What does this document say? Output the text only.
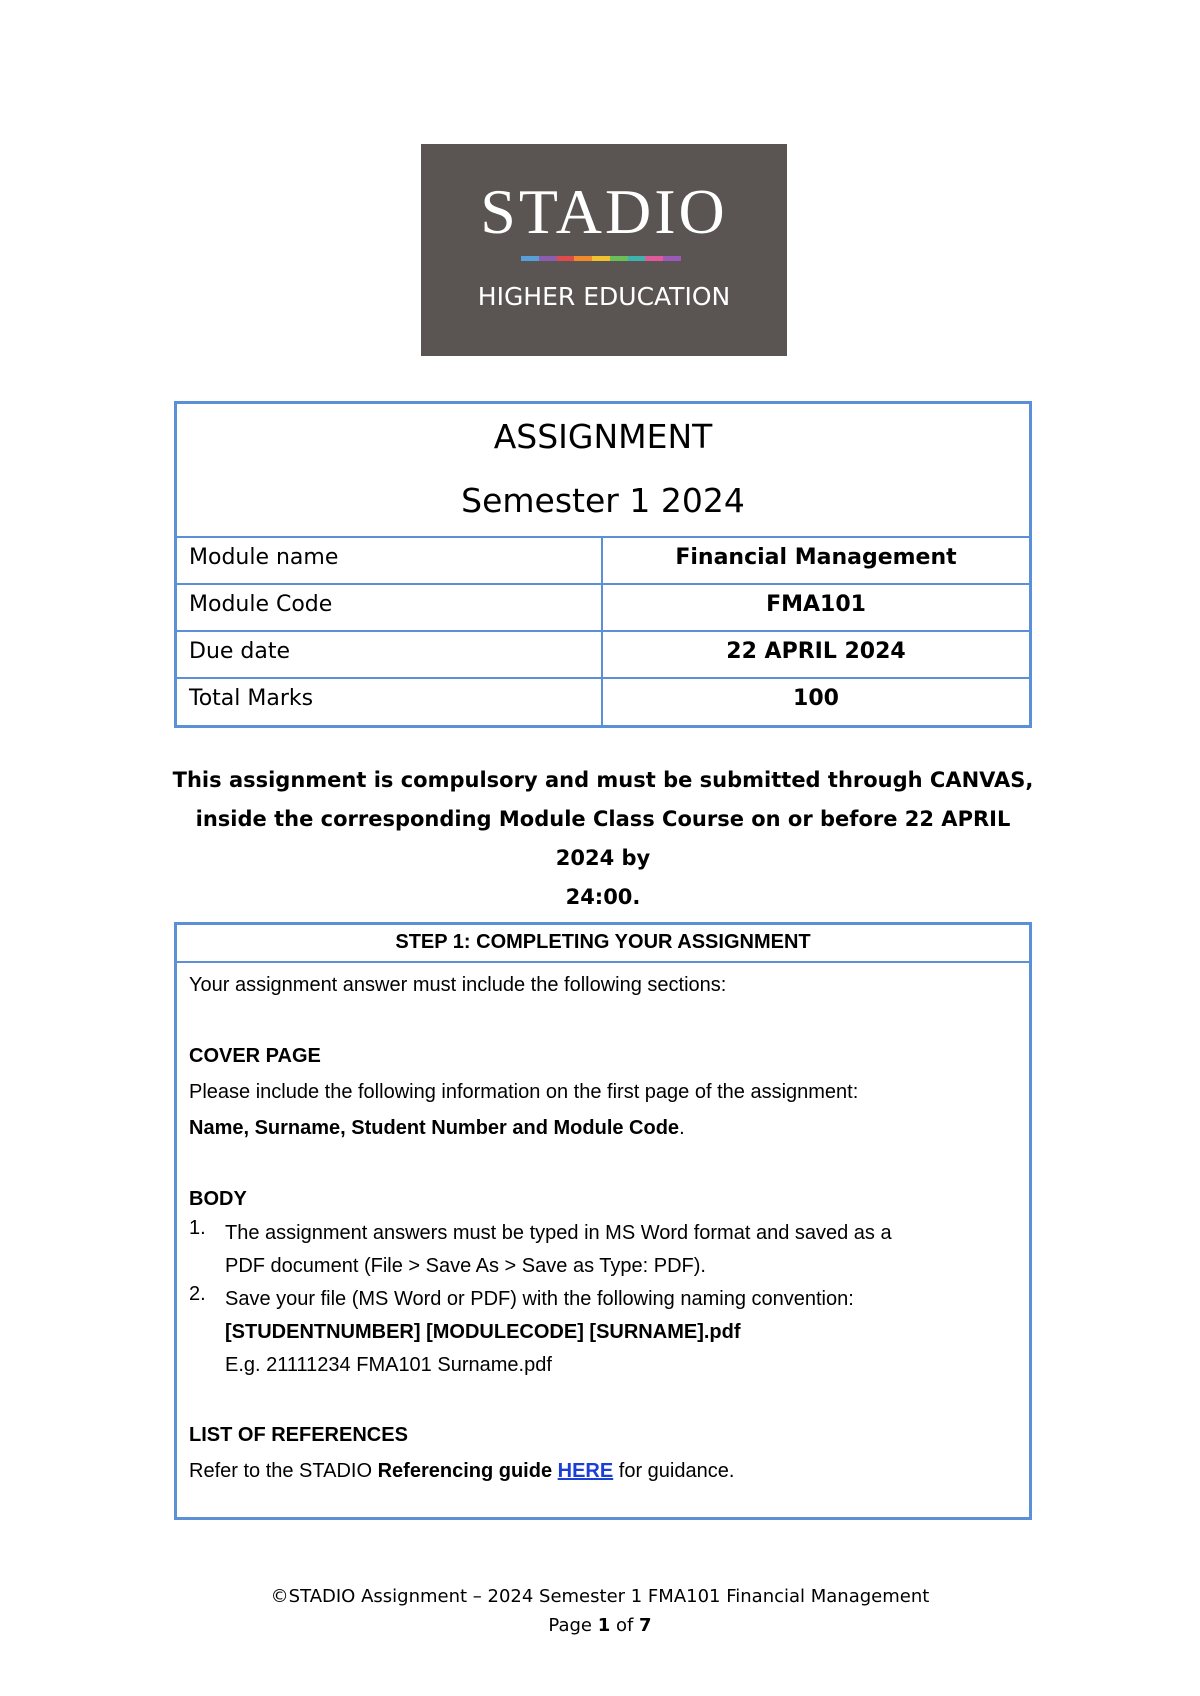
STADIO
HIGHER EDUCATION
ASSIGNMENT
Semester 1 2024
Module name	Financial Management
Module Code	FMA101
Due date	22 APRIL 2024
Total Marks	100
This assignment is compulsory and must be submitted through CANVAS,
inside the corresponding Module Class Course on or before 22 APRIL 2024 by
24:00.
STEP 1: COMPLETING YOUR ASSIGNMENT
Your assignment answer must include the following sections:
COVER PAGE
Please include the following information on the first page of the assignment:
Name, Surname, Student Number and Module Code.
BODY
1. The assignment answers must be typed in MS Word format and saved as a
PDF document (File > Save As > Save as Type: PDF).
2. Save your file (MS Word or PDF) with the following naming convention:
[STUDENTNUMBER] [MODULECODE] [SURNAME].pdf
E.g. 21111234 FMA101 Surname.pdf
LIST OF REFERENCES
Refer to the STADIO Referencing guide HERE for guidance.
©STADIO Assignment – 2024 Semester 1 FMA101 Financial Management
Page 1 of 7
